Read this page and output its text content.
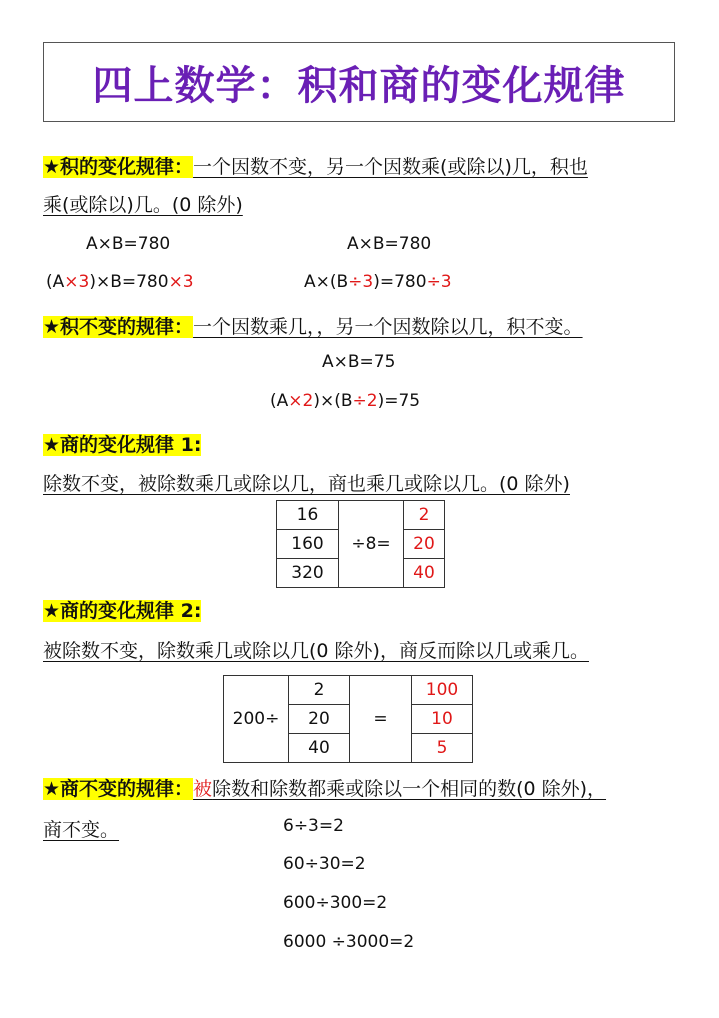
四上数学：积和商的变化规律
★积的变化规律：一个因数不变，另一个因数乘(或除以)几，积也
乘(或除以)几。(0 除外)
A×B=780	A×B=780
(A×3)×B=780×3	A×(B÷3)=780÷3
★积不变的规律：一个因数乘几，，另一个因数除以几，积不变。
A×B=75
(A×2)×(B÷2)=75
★商的变化规律 1:
除数不变，被除数乘几或除以几，商也乘几或除以几。(0 除外)
16	÷8=	2
160		20
320		40
★商的变化规律 2:
被除数不变，除数乘几或除以几(0 除外)，商反而除以几或乘几。
200÷	2	=	100
	20		10
	40		5
★商不变的规律：被除数和除数都乘或除以一个相同的数(0 除外)，
商不变。	6÷3=2
60÷30=2
600÷300=2
6000 ÷3000=2
